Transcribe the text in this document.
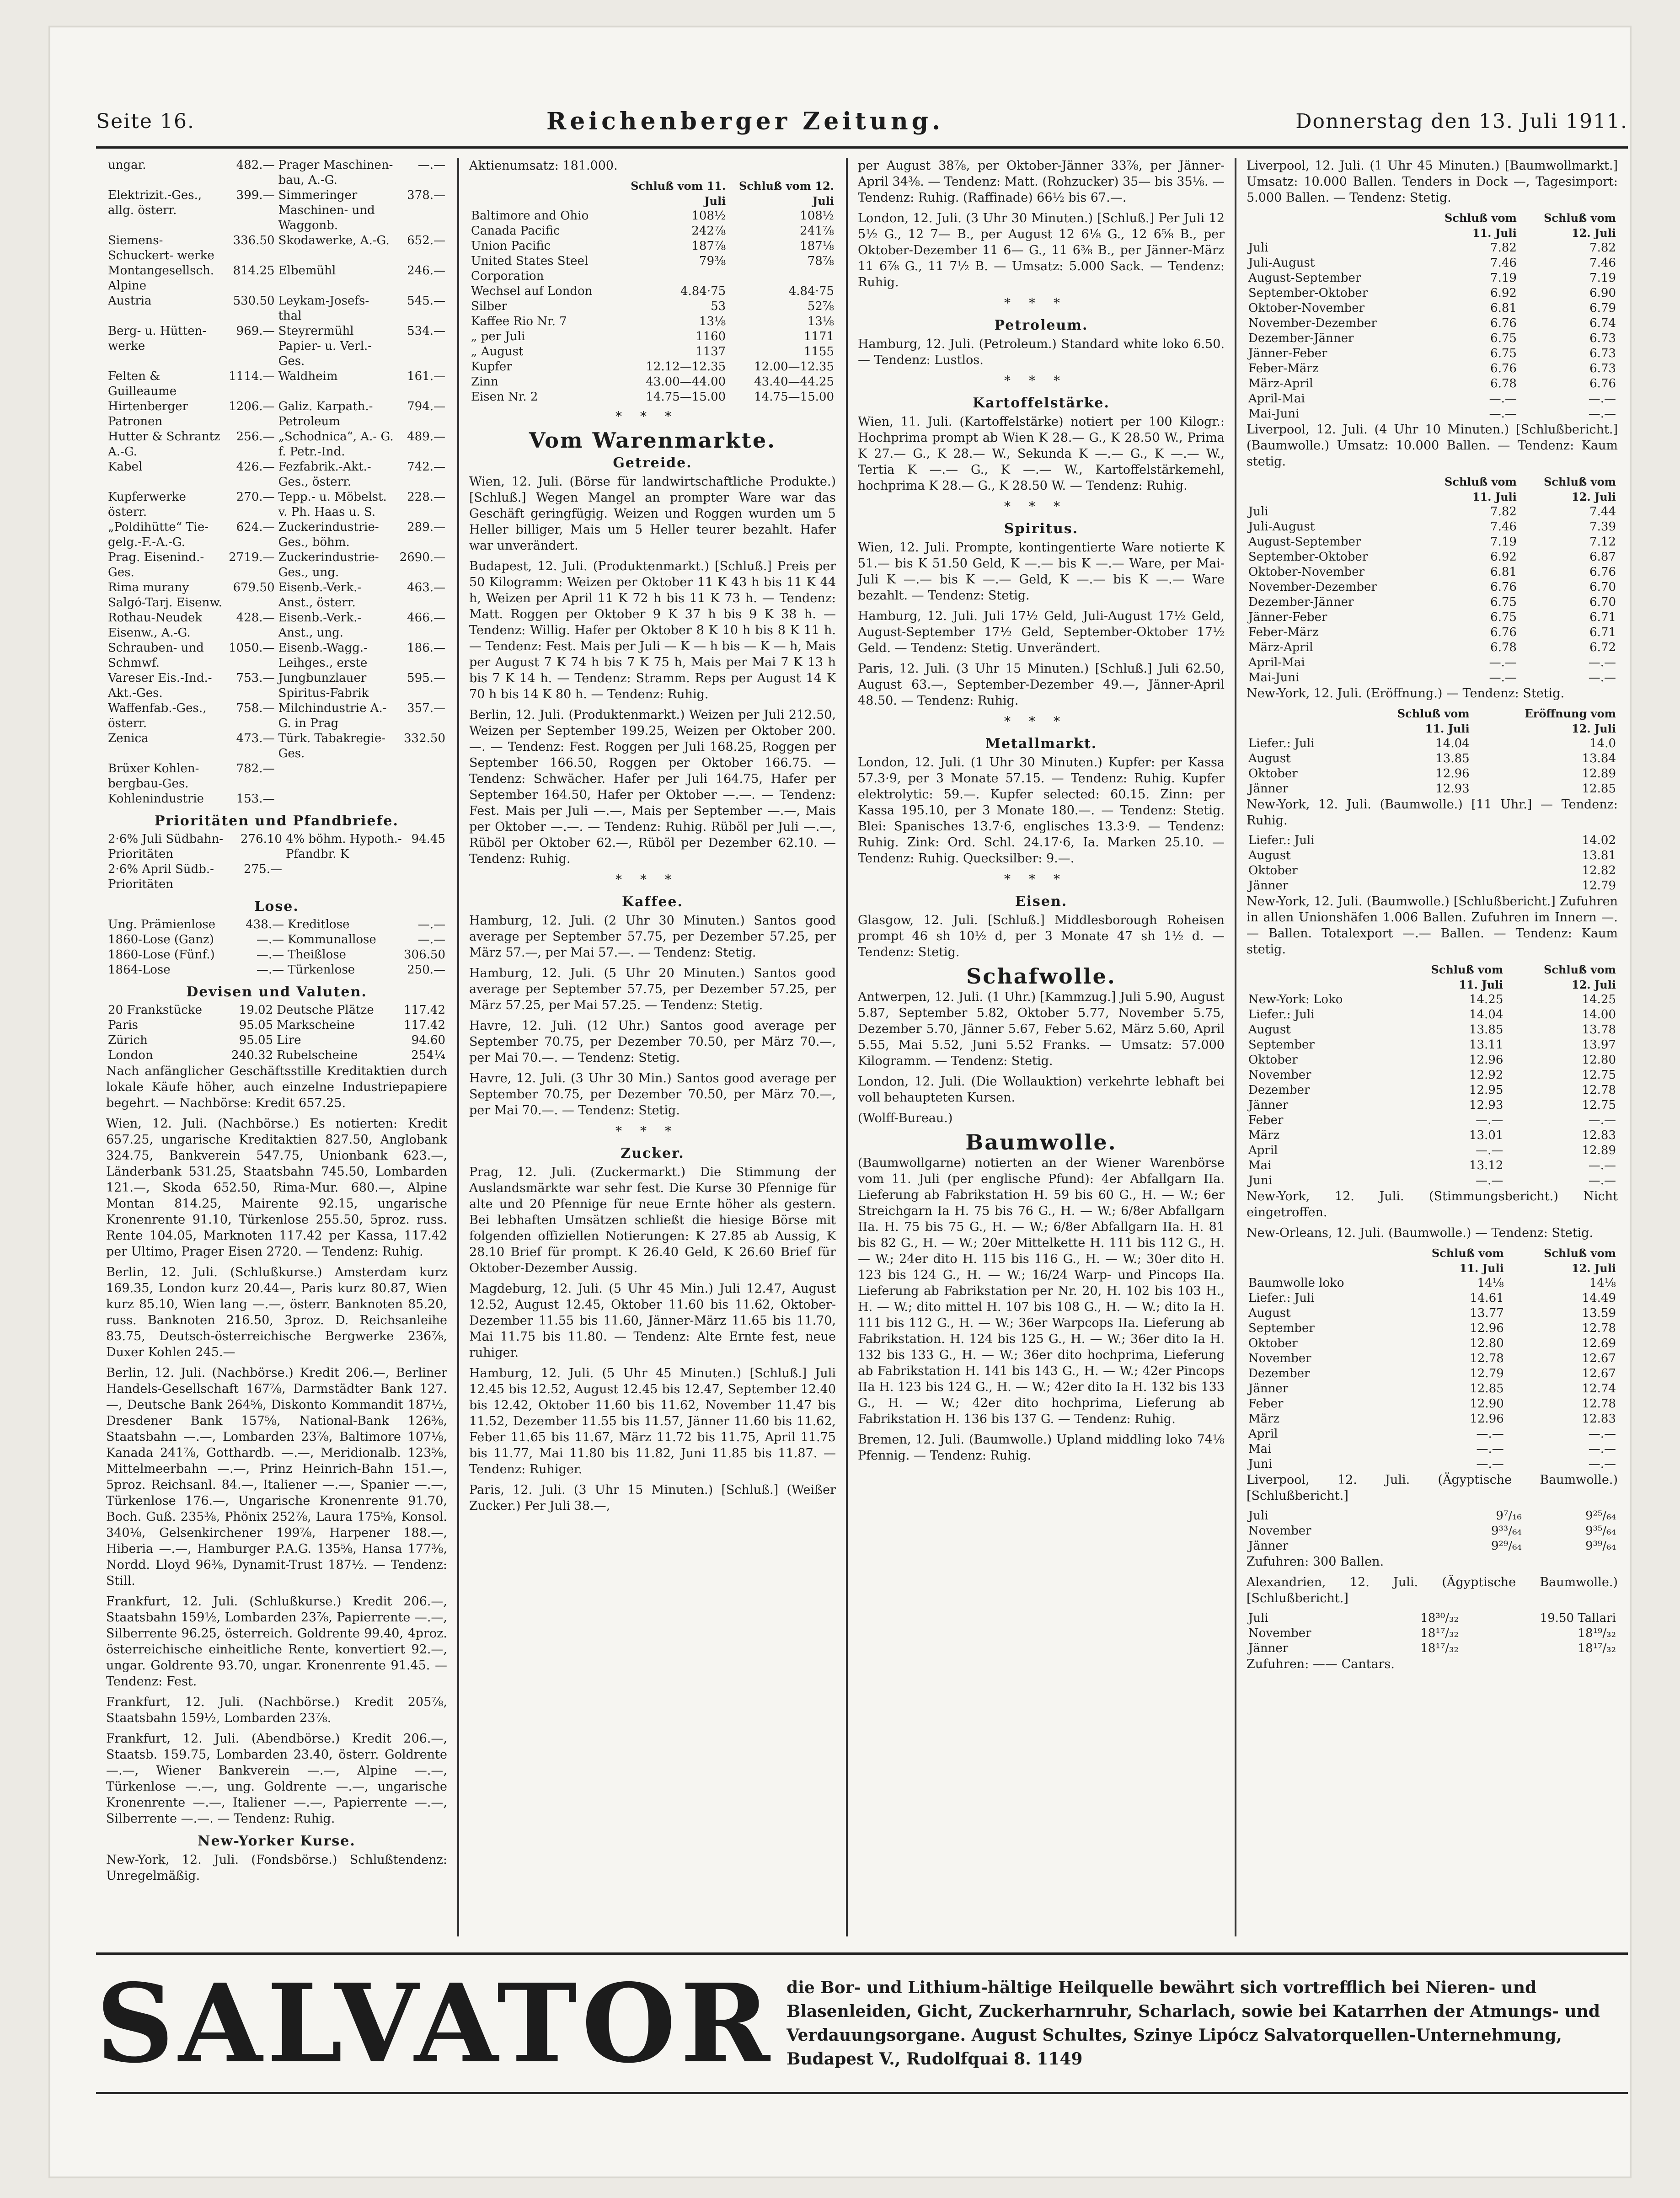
Seite 16.	Reichenberger Zeitung.	Donnerstag den 13. Juli 1911.
ungar.	482.—	Prager Maschinen- bau, A.-G.	—.—
Elektrizit.-Ges., allg. österr.	399.—	Simmeringer Maschinen- und Waggonb.	378.—
Siemens-Schuckert- werke	336.50	Skodawerke, A.-G.	652.—
Montangesellsch. Alpine	814.25	Elbemühl	246.—
Austria	530.50	Leykam-Josefs- thal	545.—
Berg- u. Hütten- werke	969.—	Steyrermühl Papier- u. Verl.- Ges.	534.—
Felten & Guilleaume	1114.—	Waldheim	161.—
Hirtenberger Patronen	1206.—	Galiz. Karpath.- Petroleum	794.—
Hutter & Schrantz A.-G.	256.—	„Schodnica“, A.- G. f. Petr.-Ind.	489.—
Kabel	426.—	Fezfabrik.-Akt.- Ges., österr.	742.—
Kupferwerke österr.	270.—	Tepp.- u. Möbelst. v. Ph. Haas u. S.	228.—
„Poldihütte“ Tie- gelg.-F.-A.-G.	624.—	Zuckerindustrie- Ges., böhm.	289.—
Prag. Eisenind.- Ges.	2719.—	Zuckerindustrie- Ges., ung.	2690.—
Rima murany Salgó-Tarj. Eisenw.	679.50	Eisenb.-Verk.- Anst., österr.	463.—
Rothau-Neudek Eisenw., A.-G.	428.—	Eisenb.-Verk.- Anst., ung.	466.—
Schrauben- und Schmwf.	1050.—	Eisenb.-Wagg.- Leihges., erste	186.—
Vareser Eis.-Ind.- Akt.-Ges.	753.—	Jungbunzlauer Spiritus-Fabrik	595.—
Waffenfab.-Ges., österr.	758.—	Milchindustrie A.-G. in Prag	357.—
Zenica	473.—	Türk. Tabakregie- Ges.	332.50
Brüxer Kohlen- bergbau-Ges.	782.—		
Kohlenindustrie	153.—		
Prioritäten und Pfandbriefe.
2·6% Juli Südbahn- Prioritäten	276.10	4% böhm. Hypoth.- Pfandbr. K	94.45
2·6% April Südb.- Prioritäten	275.—		
Lose.
Ung. Prämienlose	438.—	Kreditlose	—.—
1860-Lose (Ganz)	—.—	Kommunallose	—.—
1860-Lose (Fünf.)	—.—	Theißlose	306.50
1864-Lose	—.—	Türkenlose	250.—
Devisen und Valuten.
20 Frankstücke	19.02	Deutsche Plätze	117.42
Paris	95.05	Markscheine	117.42
Zürich	95.05	Lire	94.60
London	240.32	Rubelscheine	254¼

Nach anfänglicher Geschäftsstille Kreditaktien durch lokale Käufe höher, auch einzelne Industriepapiere begehrt. — Nachbörse: Kredit 657.25.

Wien, 12. Juli. (Nachbörse.) Es notierten: Kredit 657.25, ungarische Kreditaktien 827.50, Anglobank 324.75, Bankverein 547.75, Unionbank 623.—, Länderbank 531.25, Staatsbahn 745.50, Lombarden 121.—, Skoda 652.50, Rima-Mur. 680.—, Alpine Montan 814.25, Mairente 92.15, ungarische Kronenrente 91.10, Türkenlose 255.50, 5proz. russ. Rente 104.05, Marknoten 117.42 per Kassa, 117.42 per Ultimo, Prager Eisen 2720. — Tendenz: Ruhig.

Berlin, 12. Juli. (Schlußkurse.) Amsterdam kurz 169.35, London kurz 20.44—, Paris kurz 80.87, Wien kurz 85.10, Wien lang —.—, österr. Banknoten 85.20, russ. Banknoten 216.50, 3proz. D. Reichsanleihe 83.75, Deutsch-österreichische Bergwerke 236⅞, Duxer Kohlen 245.—

Berlin, 12. Juli. (Nachbörse.) Kredit 206.—, Berliner Handels-Gesellschaft 167⅞, Darmstädter Bank 127.—, Deutsche Bank 264⅝, Diskonto Kommandit 187½, Dresdener Bank 157⅝, National-Bank 126⅜, Staatsbahn —.—, Lombarden 23⅞, Baltimore 107⅛, Kanada 241⅞, Gotthardb. —.—, Meridionalb. 123⅝, Mittelmeerbahn —.—, Prinz Heinrich-Bahn 151.—, 5proz. Reichsanl. 84.—, Italiener —.—, Spanier —.—, Türkenlose 176.—, Ungarische Kronenrente 91.70, Boch. Guß. 235⅜, Phönix 252⅞, Laura 175⅝, Konsol. 340⅛, Gelsenkirchener 199⅞, Harpener 188.—, Hiberia —.—, Hamburger P.A.G. 135⅝, Hansa 177⅜, Nordd. Lloyd 96⅜, Dynamit-Trust 187½. — Tendenz: Still.

Frankfurt, 12. Juli. (Schlußkurse.) Kredit 206.—, Staatsbahn 159½, Lombarden 23⅞, Papierrente —.—, Silberrente 96.25, österreich. Goldrente 99.40, 4proz. österreichische einheitliche Rente, konvertiert 92.—, ungar. Goldrente 93.70, ungar. Kronenrente 91.45. — Tendenz: Fest.

Frankfurt, 12. Juli. (Nachbörse.) Kredit 205⅞, Staatsbahn 159½, Lombarden 23⅞.

Frankfurt, 12. Juli. (Abendbörse.) Kredit 206.—, Staatsb. 159.75, Lombarden 23.40, österr. Goldrente —.—, Wiener Bankverein —.—, Alpine —.—, Türkenlose —.—, ung. Goldrente —.—, ungarische Kronenrente —.—, Italiener —.—, Papierrente —.—, Silberrente —.—. — Tendenz: Ruhig.

New-Yorker Kurse.

New-York, 12. Juli. (Fondsbörse.) Schlußtendenz: Unregelmäßig.

Aktienumsatz: 181.000.

	Schluß vom 11. Juli	Schluß vom 12. Juli
Baltimore and Ohio	108½	108½
Canada Pacific	242⅞	241⅞
Union Pacific	187⅞	187⅛
United States Steel Corporation	79⅜	78⅞
Wechsel auf London	4.84·75	4.84·75
Silber	53	52⅞
Kaffee Rio Nr. 7	13⅛	13⅛
„ per Juli	1160	1171
„ August	1137	1155
Kupfer	12.12—12.35	12.00—12.35
Zinn	43.00—44.00	43.40—44.25
Eisen Nr. 2	14.75—15.00	14.75—15.00
***
Vom Warenmarkte.
Getreide.

Wien, 12. Juli. (Börse für landwirtschaftliche Produkte.) [Schluß.] Wegen Mangel an prompter Ware war das Geschäft geringfügig. Weizen und Roggen wurden um 5 Heller billiger, Mais um 5 Heller teurer bezahlt. Hafer war unverändert.

Budapest, 12. Juli. (Produktenmarkt.) [Schluß.] Preis per 50 Kilogramm: Weizen per Oktober 11 K 43 h bis 11 K 44 h, Weizen per April 11 K 72 h bis 11 K 73 h. — Tendenz: Matt. Roggen per Oktober 9 K 37 h bis 9 K 38 h. — Tendenz: Willig. Hafer per Oktober 8 K 10 h bis 8 K 11 h. — Tendenz: Fest. Mais per Juli — K — h bis — K — h, Mais per August 7 K 74 h bis 7 K 75 h, Mais per Mai 7 K 13 h bis 7 K 14 h. — Tendenz: Stramm. Reps per August 14 K 70 h bis 14 K 80 h. — Tendenz: Ruhig.

Berlin, 12. Juli. (Produktenmarkt.) Weizen per Juli 212.50, Weizen per September 199.25, Weizen per Oktober 200.—. — Tendenz: Fest. Roggen per Juli 168.25, Roggen per September 166.50, Roggen per Oktober 166.75. — Tendenz: Schwächer. Hafer per Juli 164.75, Hafer per September 164.50, Hafer per Oktober —.—. — Tendenz: Fest. Mais per Juli —.—, Mais per September —.—, Mais per Oktober —.—. — Tendenz: Ruhig. Rüböl per Juli —.—, Rüböl per Oktober 62.—, Rüböl per Dezember 62.10. — Tendenz: Ruhig.

***
Kaffee.

Hamburg, 12. Juli. (2 Uhr 30 Minuten.) Santos good average per September 57.75, per Dezember 57.25, per März 57.—, per Mai 57.—. — Tendenz: Stetig.

Hamburg, 12. Juli. (5 Uhr 20 Minuten.) Santos good average per September 57.75, per Dezember 57.25, per März 57.25, per Mai 57.25. — Tendenz: Stetig.

Havre, 12. Juli. (12 Uhr.) Santos good average per September 70.75, per Dezember 70.50, per März 70.—, per Mai 70.—. — Tendenz: Stetig.

Havre, 12. Juli. (3 Uhr 30 Min.) Santos good average per September 70.75, per Dezember 70.50, per März 70.—, per Mai 70.—. — Tendenz: Stetig.

***
Zucker.

Prag, 12. Juli. (Zuckermarkt.) Die Stimmung der Auslandsmärkte war sehr fest. Die Kurse 30 Pfennige für alte und 20 Pfennige für neue Ernte höher als gestern. Bei lebhaften Umsätzen schließt die hiesige Börse mit folgenden offiziellen Notierungen: K 27.85 ab Aussig, K 28.10 Brief für prompt. K 26.40 Geld, K 26.60 Brief für Oktober-Dezember Aussig.

Magdeburg, 12. Juli. (5 Uhr 45 Min.) Juli 12.47, August 12.52, August 12.45, Oktober 11.60 bis 11.62, Oktober-Dezember 11.55 bis 11.60, Jänner-März 11.65 bis 11.70, Mai 11.75 bis 11.80. — Tendenz: Alte Ernte fest, neue ruhiger.

Hamburg, 12. Juli. (5 Uhr 45 Minuten.) [Schluß.] Juli 12.45 bis 12.52, August 12.45 bis 12.47, September 12.40 bis 12.42, Oktober 11.60 bis 11.62, November 11.47 bis 11.52, Dezember 11.55 bis 11.57, Jänner 11.60 bis 11.62, Feber 11.65 bis 11.67, März 11.72 bis 11.75, April 11.75 bis 11.77, Mai 11.80 bis 11.82, Juni 11.85 bis 11.87. — Tendenz: Ruhiger.

Paris, 12. Juli. (3 Uhr 15 Minuten.) [Schluß.] (Weißer Zucker.) Per Juli 38.—,

per August 38⅞, per Oktober-Jänner 33⅞, per Jänner-April 34⅜. — Tendenz: Matt. (Rohzucker) 35— bis 35⅛. — Tendenz: Ruhig. (Raffinade) 66½ bis 67.—.

London, 12. Juli. (3 Uhr 30 Minuten.) [Schluß.] Per Juli 12 5½ G., 12 7— B., per August 12 6⅛ G., 12 6⅝ B., per Oktober-Dezember 11 6— G., 11 6⅜ B., per Jänner-März 11 6⅞ G., 11 7½ B. — Umsatz: 5.000 Sack. — Tendenz: Ruhig.

***
Petroleum.

Hamburg, 12. Juli. (Petroleum.) Standard white loko 6.50. — Tendenz: Lustlos.

***
Kartoffelstärke.

Wien, 11. Juli. (Kartoffelstärke) notiert per 100 Kilogr.: Hochprima prompt ab Wien K 28.— G., K 28.50 W., Prima K 27.— G., K 28.— W., Sekunda K —.— G., K —.— W., Tertia K —.— G., K —.— W., Kartoffelstärkemehl, hochprima K 28.— G., K 28.50 W. — Tendenz: Ruhig.

***
Spiritus.

Wien, 12. Juli. Prompte, kontingentierte Ware notierte K 51.— bis K 51.50 Geld, K —.— bis K —.— Ware, per Mai-Juli K —.— bis K —.— Geld, K —.— bis K —.— Ware bezahlt. — Tendenz: Stetig.

Hamburg, 12. Juli. Juli 17½ Geld, Juli-August 17½ Geld, August-September 17½ Geld, September-Oktober 17½ Geld. — Tendenz: Stetig. Unverändert.

Paris, 12. Juli. (3 Uhr 15 Minuten.) [Schluß.] Juli 62.50, August 63.—, September-Dezember 49.—, Jänner-April 48.50. — Tendenz: Ruhig.

***
Metallmarkt.

London, 12. Juli. (1 Uhr 30 Minuten.) Kupfer: per Kassa 57.3·9, per 3 Monate 57.15. — Tendenz: Ruhig. Kupfer elektrolytic: 59.—. Kupfer selected: 60.15. Zinn: per Kassa 195.10, per 3 Monate 180.—. — Tendenz: Stetig. Blei: Spanisches 13.7·6, englisches 13.3·9. — Tendenz: Ruhig. Zink: Ord. Schl. 24.17·6, Ia. Marken 25.10. — Tendenz: Ruhig. Quecksilber: 9.—.

***
Eisen.

Glasgow, 12. Juli. [Schluß.] Middlesborough Roheisen prompt 46 sh 10½ d, per 3 Monate 47 sh 1½ d. — Tendenz: Stetig.

Schafwolle.

Antwerpen, 12. Juli. (1 Uhr.) [Kammzug.] Juli 5.90, August 5.87, September 5.82, Oktober 5.77, November 5.75, Dezember 5.70, Jänner 5.67, Feber 5.62, März 5.60, April 5.55, Mai 5.52, Juni 5.52 Franks. — Umsatz: 57.000 Kilogramm. — Tendenz: Stetig.

London, 12. Juli. (Die Wollauktion) verkehrte lebhaft bei voll behaupteten Kursen.

(Wolff-Bureau.)

Baumwolle.

(Baumwollgarne) notierten an der Wiener Warenbörse vom 11. Juli (per englische Pfund): 4er Abfallgarn IIa. Lieferung ab Fabrikstation H. 59 bis 60 G., H. — W.; 6er Streichgarn Ia H. 75 bis 76 G., H. — W.; 6/8er Abfallgarn IIa. H. 75 bis 75 G., H. — W.; 6/8er Abfallgarn IIa. H. 81 bis 82 G., H. — W.; 20er Mittelkette H. 111 bis 112 G., H. — W.; 24er dito H. 115 bis 116 G., H. — W.; 30er dito H. 123 bis 124 G., H. — W.; 16/24 Warp- und Pincops IIa. Lieferung ab Fabrikstation per Nr. 20, H. 102 bis 103 H., H. — W.; dito mittel H. 107 bis 108 G., H. — W.; dito Ia H. 111 bis 112 G., H. — W.; 36er Warpcops IIa. Lieferung ab Fabrikstation. H. 124 bis 125 G., H. — W.; 36er dito Ia H. 132 bis 133 G., H. — W.; 36er dito hochprima, Lieferung ab Fabrikstation H. 141 bis 143 G., H. — W.; 42er Pincops IIa H. 123 bis 124 G., H. — W.; 42er dito Ia H. 132 bis 133 G., H. — W.; 42er dito hochprima, Lieferung ab Fabrikstation H. 136 bis 137 G. — Tendenz: Ruhig.

Bremen, 12. Juli. (Baumwolle.) Upland middling loko 74⅛ Pfennig. — Tendenz: Ruhig.

Liverpool, 12. Juli. (1 Uhr 45 Minuten.) [Baumwollmarkt.] Umsatz: 10.000 Ballen. Tenders in Dock —, Tagesimport: 5.000 Ballen. — Tendenz: Stetig.

	Schluß vom	Schluß vom
	11. Juli	12. Juli
Juli	7.82	7.82
Juli-August	7.46	7.46
August-September	7.19	7.19
September-Oktober	6.92	6.90
Oktober-November	6.81	6.79
November-Dezember	6.76	6.74
Dezember-Jänner	6.75	6.73
Jänner-Feber	6.75	6.73
Feber-März	6.76	6.73
März-April	6.78	6.76
April-Mai	—.—	—.—
Mai-Juni	—.—	—.—

Liverpool, 12. Juli. (4 Uhr 10 Minuten.) [Schlußbericht.] (Baumwolle.) Umsatz: 10.000 Ballen. — Tendenz: Kaum stetig.

	Schluß vom	Schluß vom
	11. Juli	12. Juli
Juli	7.82	7.44
Juli-August	7.46	7.39
August-September	7.19	7.12
September-Oktober	6.92	6.87
Oktober-November	6.81	6.76
November-Dezember	6.76	6.70
Dezember-Jänner	6.75	6.70
Jänner-Feber	6.75	6.71
Feber-März	6.76	6.71
März-April	6.78	6.72
April-Mai	—.—	—.—
Mai-Juni	—.—	—.—

New-York, 12. Juli. (Eröffnung.) — Tendenz: Stetig.

	Schluß vom	Eröffnung vom
	11. Juli	12. Juli
Liefer.: Juli	14.04	14.0
August	13.85	13.84
Oktober	12.96	12.89
Jänner	12.93	12.85

New-York, 12. Juli. (Baumwolle.) [11 Uhr.] — Tendenz: Ruhig.

Liefer.: Juli	14.02
August	13.81
Oktober	12.82
Jänner	12.79

New-York, 12. Juli. (Baumwolle.) [Schlußbericht.] Zufuhren in allen Unionshäfen 1.006 Ballen. Zufuhren im Innern —.— Ballen. Totalexport —.— Ballen. — Tendenz: Kaum stetig.

	Schluß vom	Schluß vom
	11. Juli	12. Juli
New-York: Loko	14.25	14.25
Liefer.: Juli	14.04	14.00
August	13.85	13.78
September	13.11	13.97
Oktober	12.96	12.80
November	12.92	12.75
Dezember	12.95	12.78
Jänner	12.93	12.75
Feber	—.—	—.—
März	13.01	12.83
April	—.—	12.89
Mai	13.12	—.—
Juni	—.—	—.—

New-York, 12. Juli. (Stimmungsbericht.) Nicht eingetroffen.

New-Orleans, 12. Juli. (Baumwolle.) — Tendenz: Stetig.

	Schluß vom	Schluß vom
	11. Juli	12. Juli
Baumwolle loko	14⅛	14⅛
Liefer.: Juli	14.61	14.49
August	13.77	13.59
September	12.96	12.78
Oktober	12.80	12.69
November	12.78	12.67
Dezember	12.79	12.67
Jänner	12.85	12.74
Feber	12.90	12.78
März	12.96	12.83
April	—.—	—.—
Mai	—.—	—.—
Juni	—.—	—.—

Liverpool, 12. Juli. (Ägyptische Baumwolle.) [Schlußbericht.]

Juli	9⁷/₁₆	9²⁵/₆₄
November	9³³/₆₄	9³⁵/₆₄
Jänner	9²⁹/₆₄	9³⁹/₆₄

Zufuhren: 300 Ballen.

Alexandrien, 12. Juli. (Ägyptische Baumwolle.) [Schlußbericht.]

Juli	18³⁰/₃₂	19.50 Tallari
November	18¹⁷/₃₂	18¹⁹/₃₂
Jänner	18¹⁷/₃₂	18¹⁷/₃₂

Zufuhren: —— Cantars.

SALVATOR die Bor- und Lithium-hältige Heilquelle bewährt sich vortrefflich bei Nieren- und Blasenleiden, Gicht, Zuckerharnruhr, Scharlach, sowie bei Katarrhen der Atmungs- und Verdauungsorgane. August Schultes, Szinye Lipócz Salvatorquellen-Unternehmung, Budapest V., Rudolfquai 8. 1149
